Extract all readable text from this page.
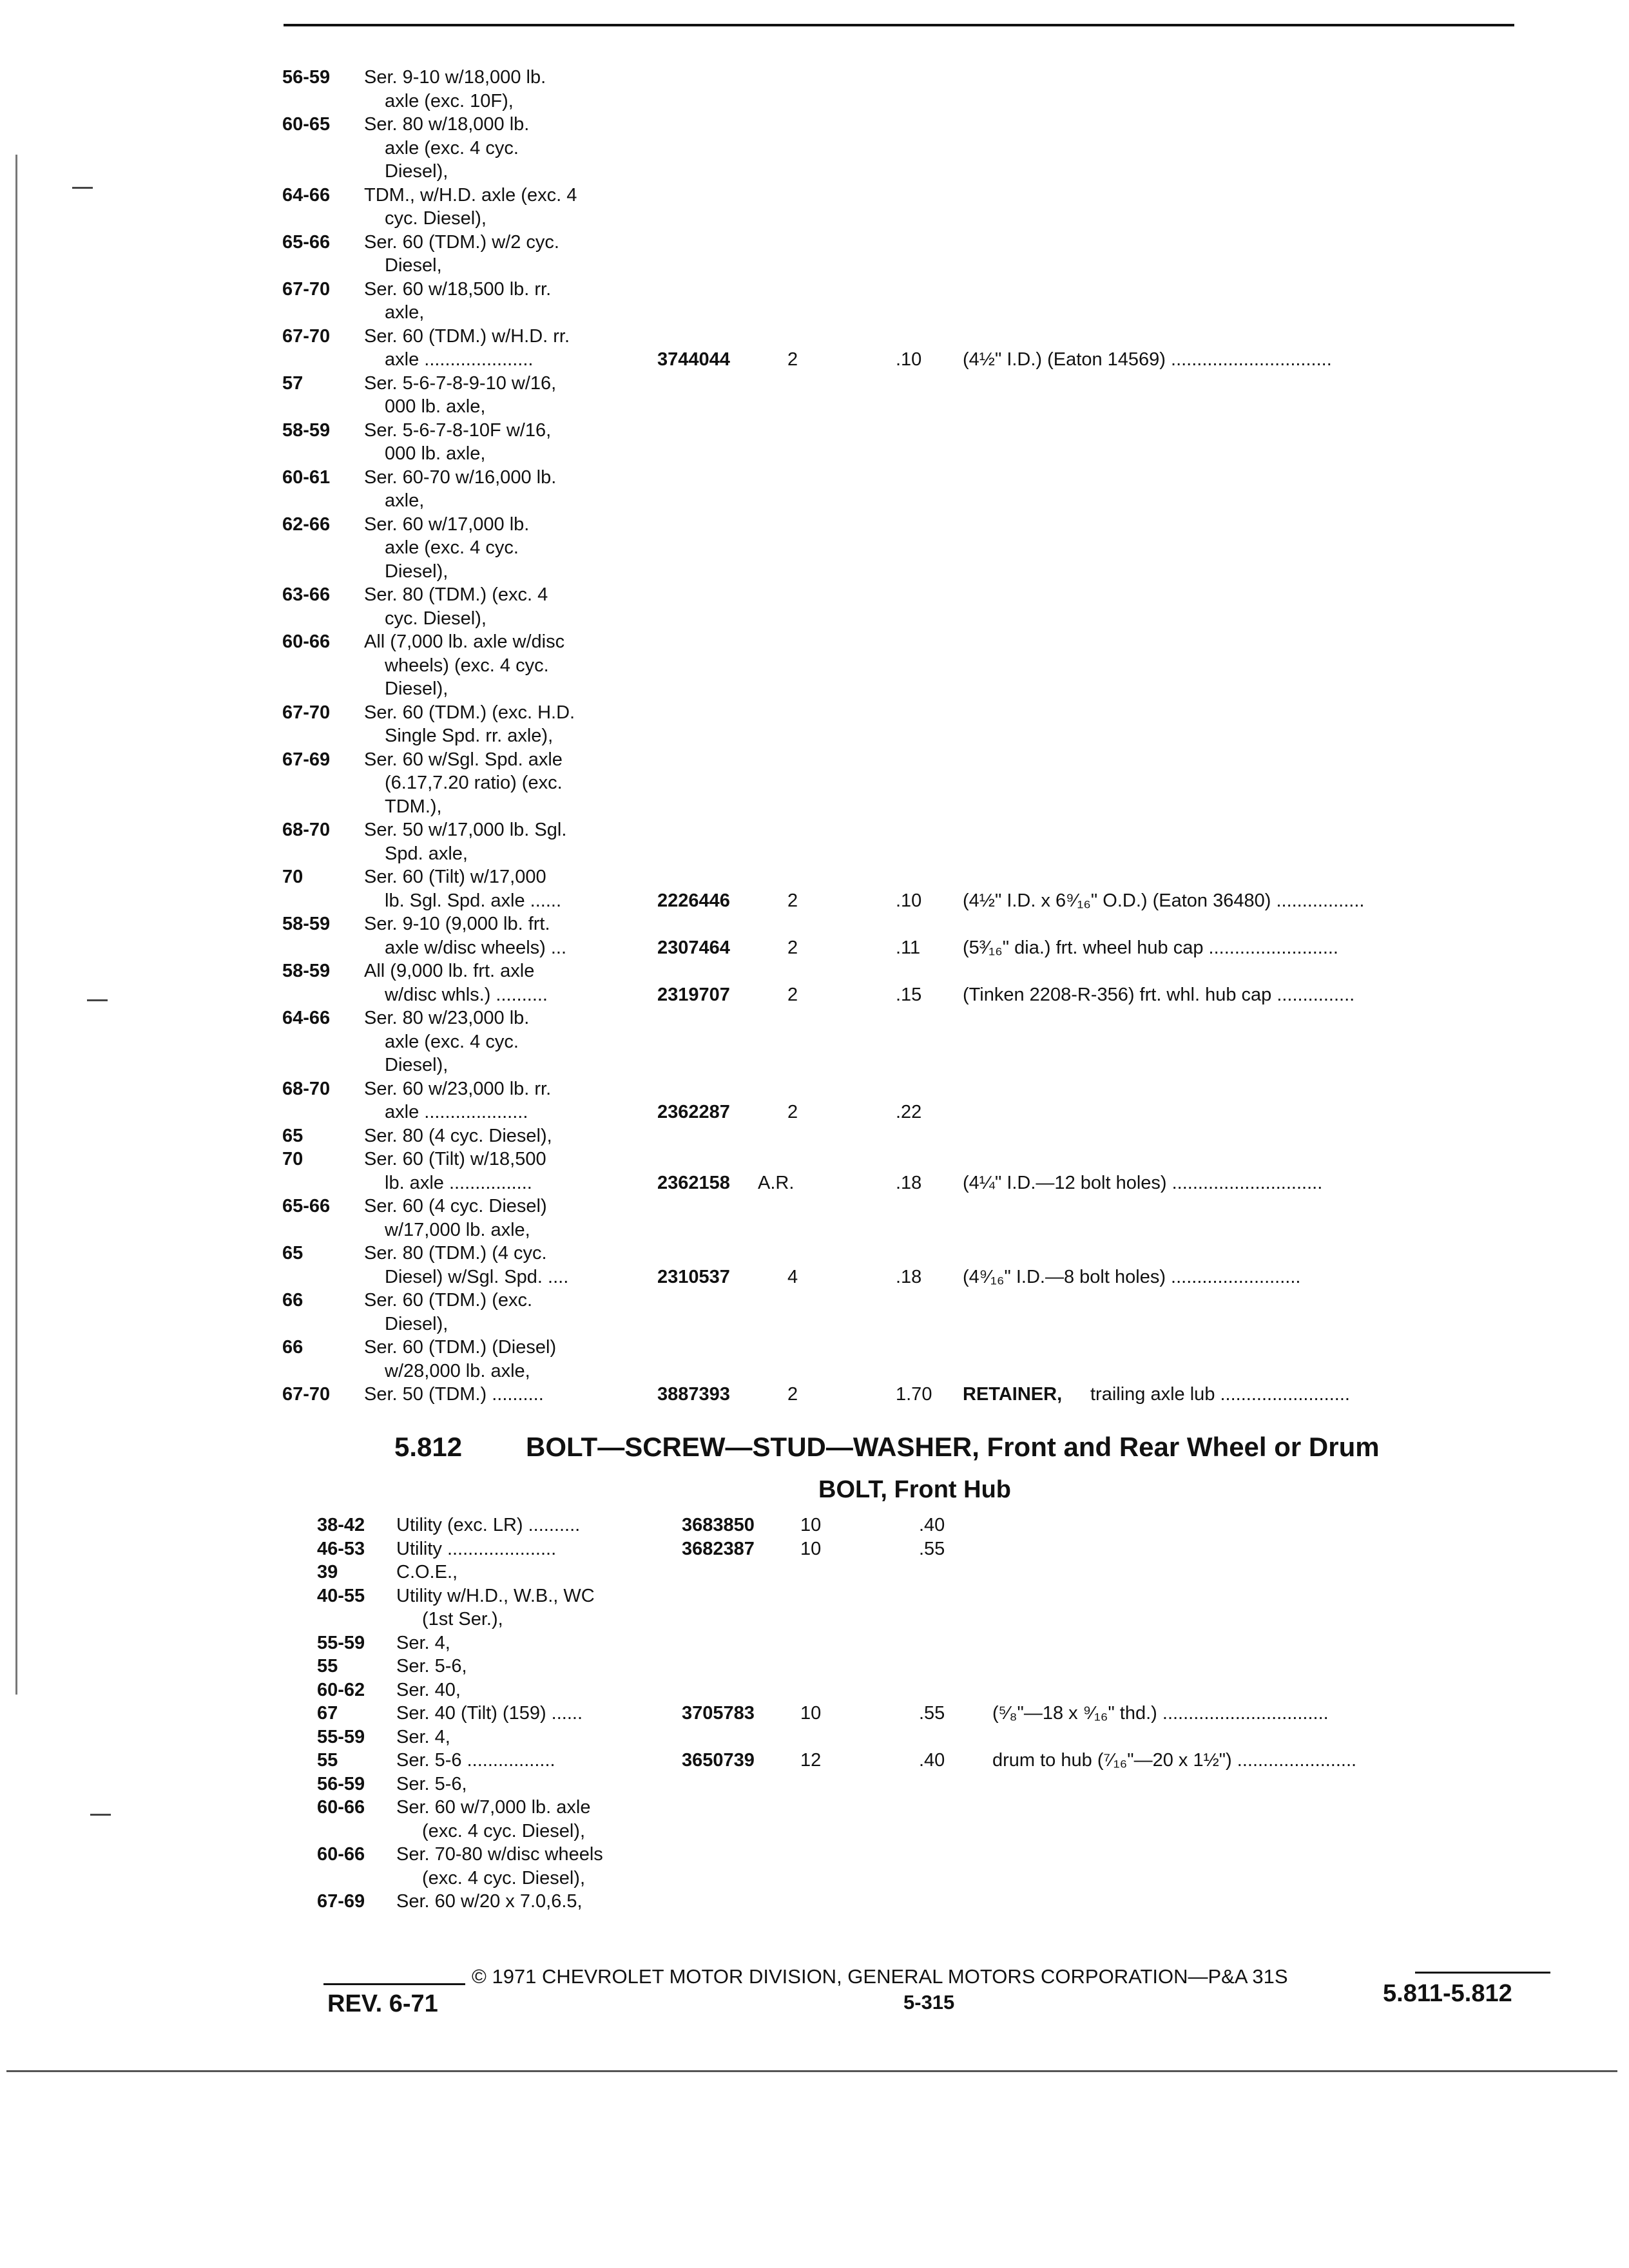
56-59 Ser. 9-10 w/18,000 lb.
axle (exc. 10F),
60-65 Ser. 80 w/18,000 lb.
axle (exc. 4 cyc.
Diesel),
64-66 TDM., w/H.D. axle (exc. 4
cyc. Diesel),
65-66 Ser. 60 (TDM.) w/2 cyc.
Diesel,
67-70 Ser. 60 w/18,500 lb. rr.
axle,
67-70 Ser. 60 (TDM.) w/H.D. rr.
axle .....................	3744044	2	.10 (4½" I.D.) (Eaton 14569) ...............................
57	Ser. 5-6-7-8-9-10 w/16,
000 lb. axle,
58-59 Ser. 5-6-7-8-10F w/16,
000 lb. axle,
60-61 Ser. 60-70 w/16,000 lb.
axle,
62-66 Ser. 60 w/17,000 lb.
axle (exc. 4 cyc.
Diesel),
63-66 Ser. 80 (TDM.) (exc. 4
cyc. Diesel),
60-66 All (7,000 lb. axle w/disc
wheels) (exc. 4 cyc.
Diesel),
67-70 Ser. 60 (TDM.) (exc. H.D.
Single Spd. rr. axle),
67-69 Ser. 60 w/Sgl. Spd. axle
(6.17,7.20 ratio) (exc.
TDM.),
68-70 Ser. 50 w/17,000 lb. Sgl.
Spd. axle,
70	Ser. 60 (Tilt) w/17,000
lb. Sgl. Spd. axle ......	2226446	2	.10 (4½" I.D. x 6⁹⁄₁₆" O.D.) (Eaton 36480) .................
58-59 Ser. 9-10 (9,000 lb. frt.
axle w/disc wheels) ...	2307464	2	.11 (5³⁄₁₆" dia.) frt. wheel hub cap .........................
58-59 All (9,000 lb. frt. axle
w/disc whls.) ..........	2319707	2	.15 (Tinken 2208-R-356) frt. whl. hub cap ...............
64-66 Ser. 80 w/23,000 lb.
axle (exc. 4 cyc.
Diesel),
68-70 Ser. 60 w/23,000 lb. rr.
axle ....................	2362287	2	.22
65	Ser. 80 (4 cyc. Diesel),
70	Ser. 60 (Tilt) w/18,500
lb. axle ................	2362158 A.R.	.18 (4¼" I.D.—12 bolt holes) .............................
65-66 Ser. 60 (4 cyc. Diesel)
w/17,000 lb. axle,
65	Ser. 80 (TDM.) (4 cyc.
Diesel) w/Sgl. Spd. ....	2310537	4	.18 (4⁹⁄₁₆" I.D.—8 bolt holes) .........................
66	Ser. 60 (TDM.) (exc.
Diesel),
66	Ser. 60 (TDM.) (Diesel)
w/28,000 lb. axle,
67-70 Ser. 50 (TDM.) ..........	3887393	2	1.70 RETAINER, trailing axle lub .........................
5.812 BOLT—SCREW—STUD—WASHER, Front and Rear Wheel or Drum
BOLT, Front Hub
38-42 Utility (exc. LR) ..........	3683850 10	.40
46-53 Utility .....................	3682387 10	.55
39	C.O.E.,
40-55 Utility w/H.D., W.B., WC
(1st Ser.),
55-59 Ser. 4,
55	Ser. 5-6,
60-62 Ser. 40,
67	Ser. 40 (Tilt) (159) ......	3705783 10	.55	(⁵⁄₈"—18 x ⁹⁄₁₆" thd.) ................................
55-59 Ser. 4,
55	Ser. 5-6 .................	3650739 12	.40	drum to hub (⁷⁄₁₆"—20 x 1½") .......................
56-59 Ser. 5-6,
60-66 Ser. 60 w/7,000 lb. axle
(exc. 4 cyc. Diesel),
60-66 Ser. 70-80 w/disc wheels
(exc. 4 cyc. Diesel),
67-69 Ser. 60 w/20 x 7.0,6.5,
© 1971 CHEVROLET MOTOR DIVISION, GENERAL MOTORS CORPORATION—P&A 31S
REV. 6-71	5-315	5.811-5.812
